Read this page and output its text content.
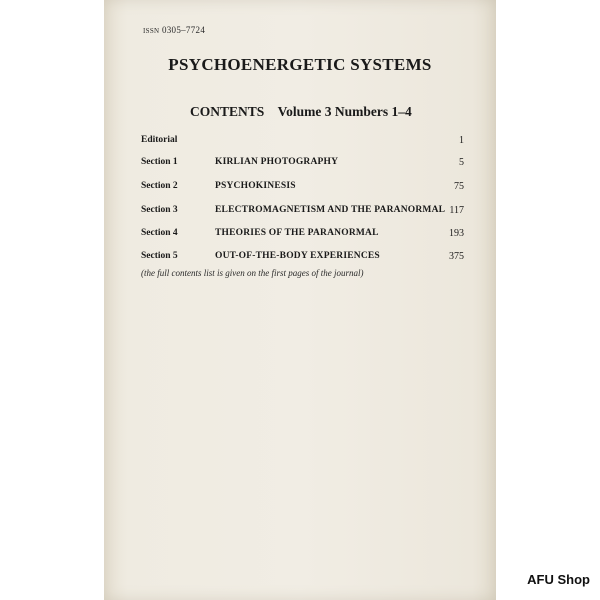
ISSN 0305–7724
PSYCHOENERGETIC SYSTEMS
CONTENTS Volume 3 Numbers 1–4
Editorial	1
Section 1	KIRLIAN PHOTOGRAPHY	5
Section 2	PSYCHOKINESIS	75
Section 3	ELECTROMAGNETISM AND THE PARANORMAL 117
Section 4	THEORIES OF THE PARANORMAL	193
Section 5	OUT-OF-THE-BODY EXPERIENCES	375
(the full contents list is given on the first pages of the journal)
AFU Shop
